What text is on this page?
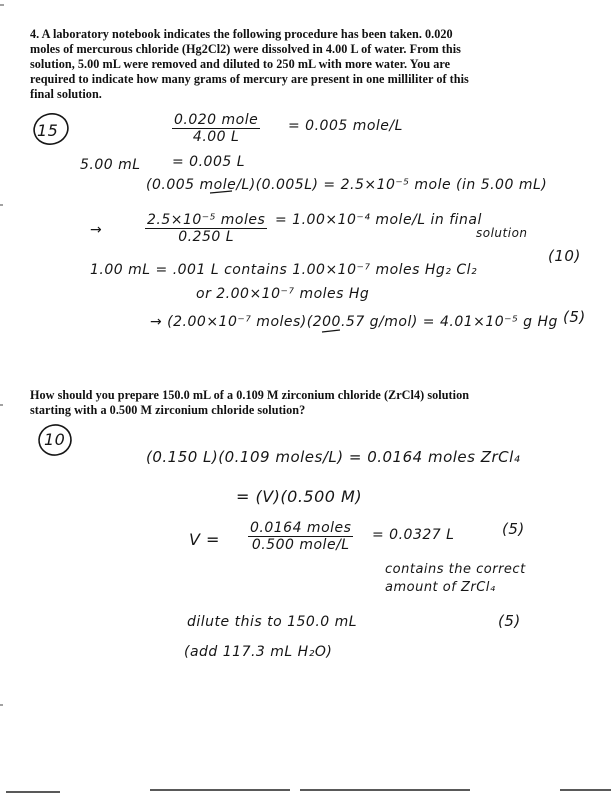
4. A laboratory notebook indicates the following procedure has been taken. 0.020
moles of mercurous chloride (Hg2Cl2) were dissolved in 4.00 L of water. From this
solution, 5.00 mL were removed and diluted to 250 mL with more water. You are
required to indicate how many grams of mercury are present in one milliliter of this
final solution.
15	$\frac{\text{0.020 mole}}{4.00 L} = 0.005$ mole/L
5.00 mL = 0.005 L
(0.005 mole/L)(0.005L) = 2.5×10⁻⁵ mole (in 5.00 mL)
→	$\frac{\text{2.5×10⁻⁵ moles}}{0.250 L} = 1.00\times 10^{-4}$ mole/L in final
solution
1.00 mL = .001 L contains 1.00×10⁻⁷ moles Hg₂ Cl₂
(10)
or 2.00×10⁻⁷ moles Hg
→ (2.00×10⁻⁷ moles)(200.57 g/mol) = 4.01×10⁻⁵ g Hg (5)
How should you prepare 150.0 mL of a 0.109 M zirconium chloride (ZrCl4) solution
starting with a 0.500 M zirconium chloride solution?
10
(0.150 L)(0.109 moles/L) = 0.0164 moles ZrCl₄
= (V)(0.500 M)
$V = \frac{\text{0.0164 moles}}{\text{0.500 mole/L}} = 0.0327$ L	(5)
contains the correct
amount of ZrCl₄
dilute this to 150.0 mL	(5)
(add 117.3 mL H₂O)
